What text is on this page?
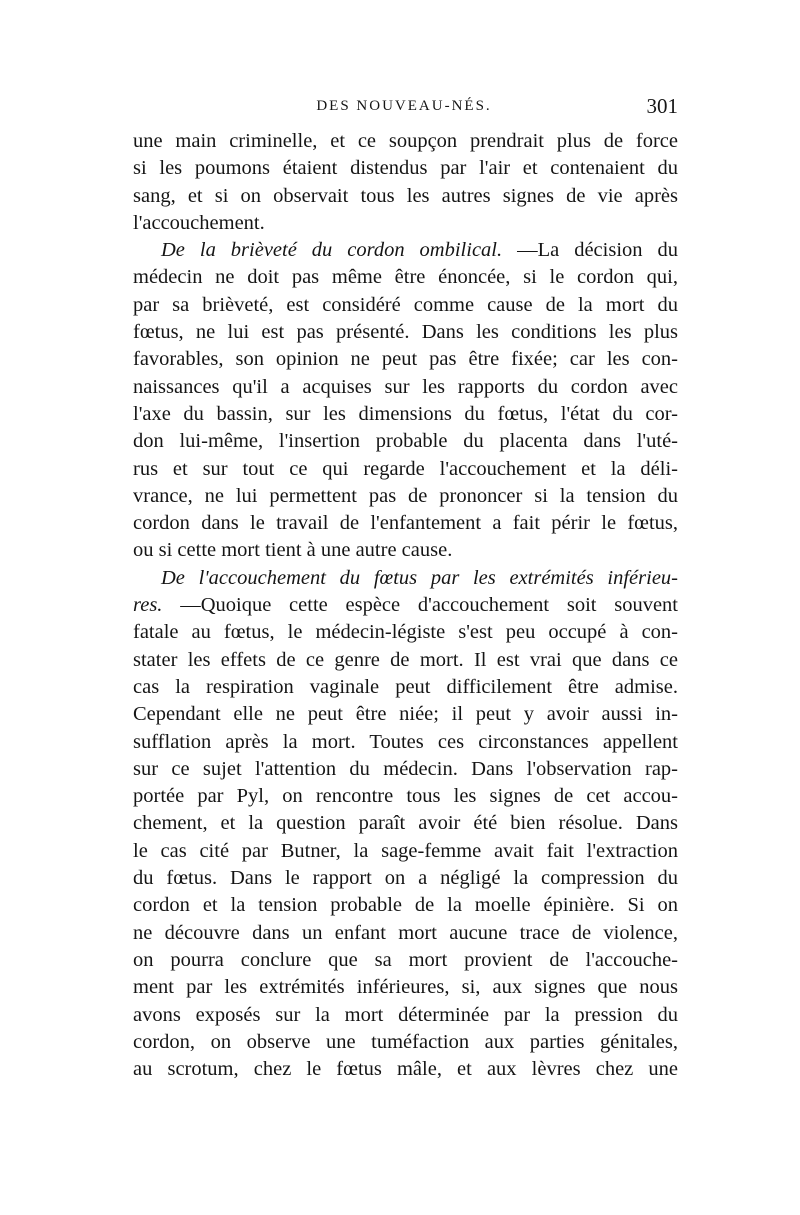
DES NOUVEAU-NÉS.	301
une main criminelle, et ce soupçon prendrait plus de force
si les poumons étaient distendus par l'air et contenaient du
sang, et si on observait tous les autres signes de vie après
l'accouchement.
De la brièveté du cordon ombilical. —La décision du
médecin ne doit pas même être énoncée, si le cordon qui,
par sa brièveté, est considéré comme cause de la mort du
fœtus, ne lui est pas présenté. Dans les conditions les plus
favorables, son opinion ne peut pas être fixée; car les con-
naissances qu'il a acquises sur les rapports du cordon avec
l'axe du bassin, sur les dimensions du fœtus, l'état du cor-
don lui-même, l'insertion probable du placenta dans l'uté-
rus et sur tout ce qui regarde l'accouchement et la déli-
vrance, ne lui permettent pas de prononcer si la tension du
cordon dans le travail de l'enfantement a fait périr le fœtus,
ou si cette mort tient à une autre cause.
De l'accouchement du fœtus par les extrémités inférieu-
res. —Quoique cette espèce d'accouchement soit souvent
fatale au fœtus, le médecin-légiste s'est peu occupé à con-
stater les effets de ce genre de mort. Il est vrai que dans ce
cas la respiration vaginale peut difficilement être admise.
Cependant elle ne peut être niée; il peut y avoir aussi in-
sufflation après la mort. Toutes ces circonstances appellent
sur ce sujet l'attention du médecin. Dans l'observation rap-
portée par Pyl, on rencontre tous les signes de cet accou-
chement, et la question paraît avoir été bien résolue. Dans
le cas cité par Butner, la sage-femme avait fait l'extraction
du fœtus. Dans le rapport on a négligé la compression du
cordon et la tension probable de la moelle épinière. Si on
ne découvre dans un enfant mort aucune trace de violence,
on pourra conclure que sa mort provient de l'accouche-
ment par les extrémités inférieures, si, aux signes que nous
avons exposés sur la mort déterminée par la pression du
cordon, on observe une tuméfaction aux parties génitales,
au scrotum, chez le fœtus mâle, et aux lèvres chez une
